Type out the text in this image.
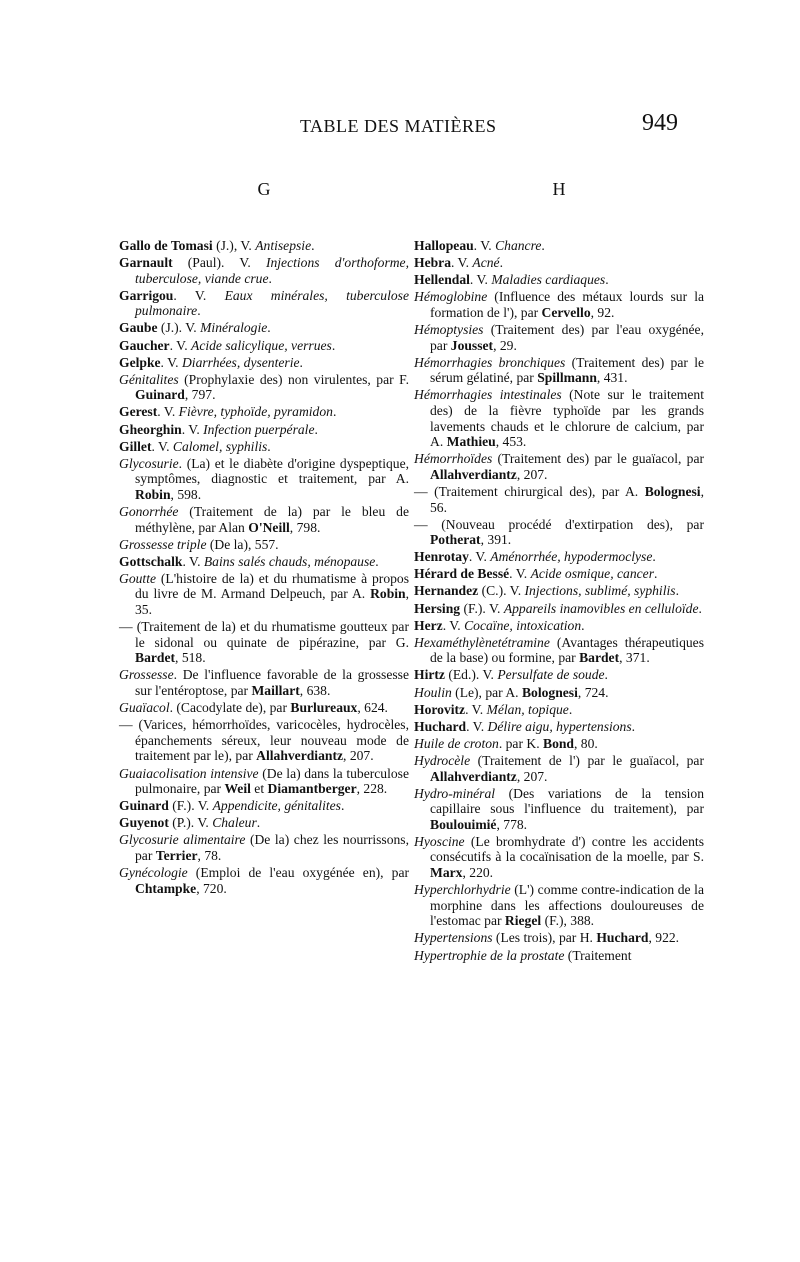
TABLE DES MATIÈRES	949
G
Gallo de Tomasi (J.), V. Antisepsie.
Garnault (Paul). V. Injections d'orthoforme, tuberculose, viande crue.
Garrigou. V. Eaux minérales, tuberculose pulmonaire.
Gaube (J.). V. Minéralogie.
Gaucher. V. Acide salicylique, verrues.
Gelpke. V. Diarrhées, dysenterie.
Génitalites (Prophylaxie des) non virulentes, par F. Guinard, 797.
Gerest. V. Fièvre, typhoïde, pyramidon.
Gheorghin. V. Infection puerpérale.
Gillet. V. Calomel, syphilis.
Glycosurie. (La) et le diabète d'origine dyspeptique, symptômes, diagnostic et traitement, par A. Robin, 598.
Gonorrhée (Traitement de la) par le bleu de méthylène, par Alan O'Neill, 798.
Grossesse triple (De la), 557.
Gottschalk. V. Bains salés chauds, ménopause.
Goutte (L'histoire de la) et du rhumatisme à propos du livre de M. Armand Delpeuch, par A. Robin, 35.
— (Traitement de la) et du rhumatisme goutteux par le sidonal ou quinate de pipérazine, par G. Bardet, 518.
Grossesse. De l'influence favorable de la grossesse sur l'entéroptose, par Maillart, 638.
Guaïacol. (Cacodylate de), par Burlureaux, 624.
— (Varices, hémorrhoïdes, varicocèles, hydrocèles, épanchements séreux, leur nouveau mode de traitement par le), par Allahverdiantz, 207.
Guaiacolisation intensive (De la) dans la tuberculose pulmonaire, par Weil et Diamantberger, 228.
Guinard (F.). V. Appendicite, génitalites.
Guyenot (P.). V. Chaleur.
Glycosurie alimentaire (De la) chez les nourrissons, par Terrier, 78.
Gynécologie (Emploi de l'eau oxygénée en), par Chtampke, 720.
H
Hallopeau. V. Chancre.
Hebra. V. Acné.
Hellendal. V. Maladies cardiaques.
Hémoglobine (Influence des métaux lourds sur la formation de l'), par Cervello, 92.
Hémoptysies (Traitement des) par l'eau oxygénée, par Jousset, 29.
Hémorrhagies bronchiques (Traitement des) par le sérum gélatiné, par Spillmann, 431.
Hémorrhagies intestinales (Note sur le traitement des) de la fièvre typhoïde par les grands lavements chauds et le chlorure de calcium, par A. Mathieu, 453.
Hémorrhoïdes (Traitement des) par le guaïacol, par Allahverdiantz, 207.
— (Traitement chirurgical des), par A. Bolognesi, 56.
— (Nouveau procédé d'extirpation des), par Potherat, 391.
Henrotay. V. Aménorrhée, hypodermoclyse.
Hérard de Bessé. V. Acide osmique, cancer.
Hernandez (C.). V. Injections, sublimé, syphilis.
Hersing (F.). V. Appareils inamovibles en celluloïde.
Herz. V. Cocaïne, intoxication.
Hexaméthylènetétramine (Avantages thérapeutiques de la base) ou formine, par Bardet, 371.
Hirtz (Ed.). V. Persulfate de soude.
Houlin (Le), par A. Bolognesi, 724.
Horovitz. V. Mélan, topique.
Huchard. V. Délire aigu, hypertensions.
Huile de croton. par K. Bond, 80.
Hydrocèle (Traitement de l') par le guaïacol, par Allahverdiantz, 207.
Hydro-minéral (Des variations de la tension capillaire sous l'influence du traitement), par Boulouimié, 778.
Hyoscine (Le bromhydrate d') contre les accidents consécutifs à la cocaïnisation de la moelle, par S. Marx, 220.
Hyperchlorhydrie (L') comme contre-indication de la morphine dans les affections douloureuses de l'estomac par Riegel (F.), 388.
Hypertensions (Les trois), par H. Huchard, 922.
Hypertrophie de la prostate (Traitement
